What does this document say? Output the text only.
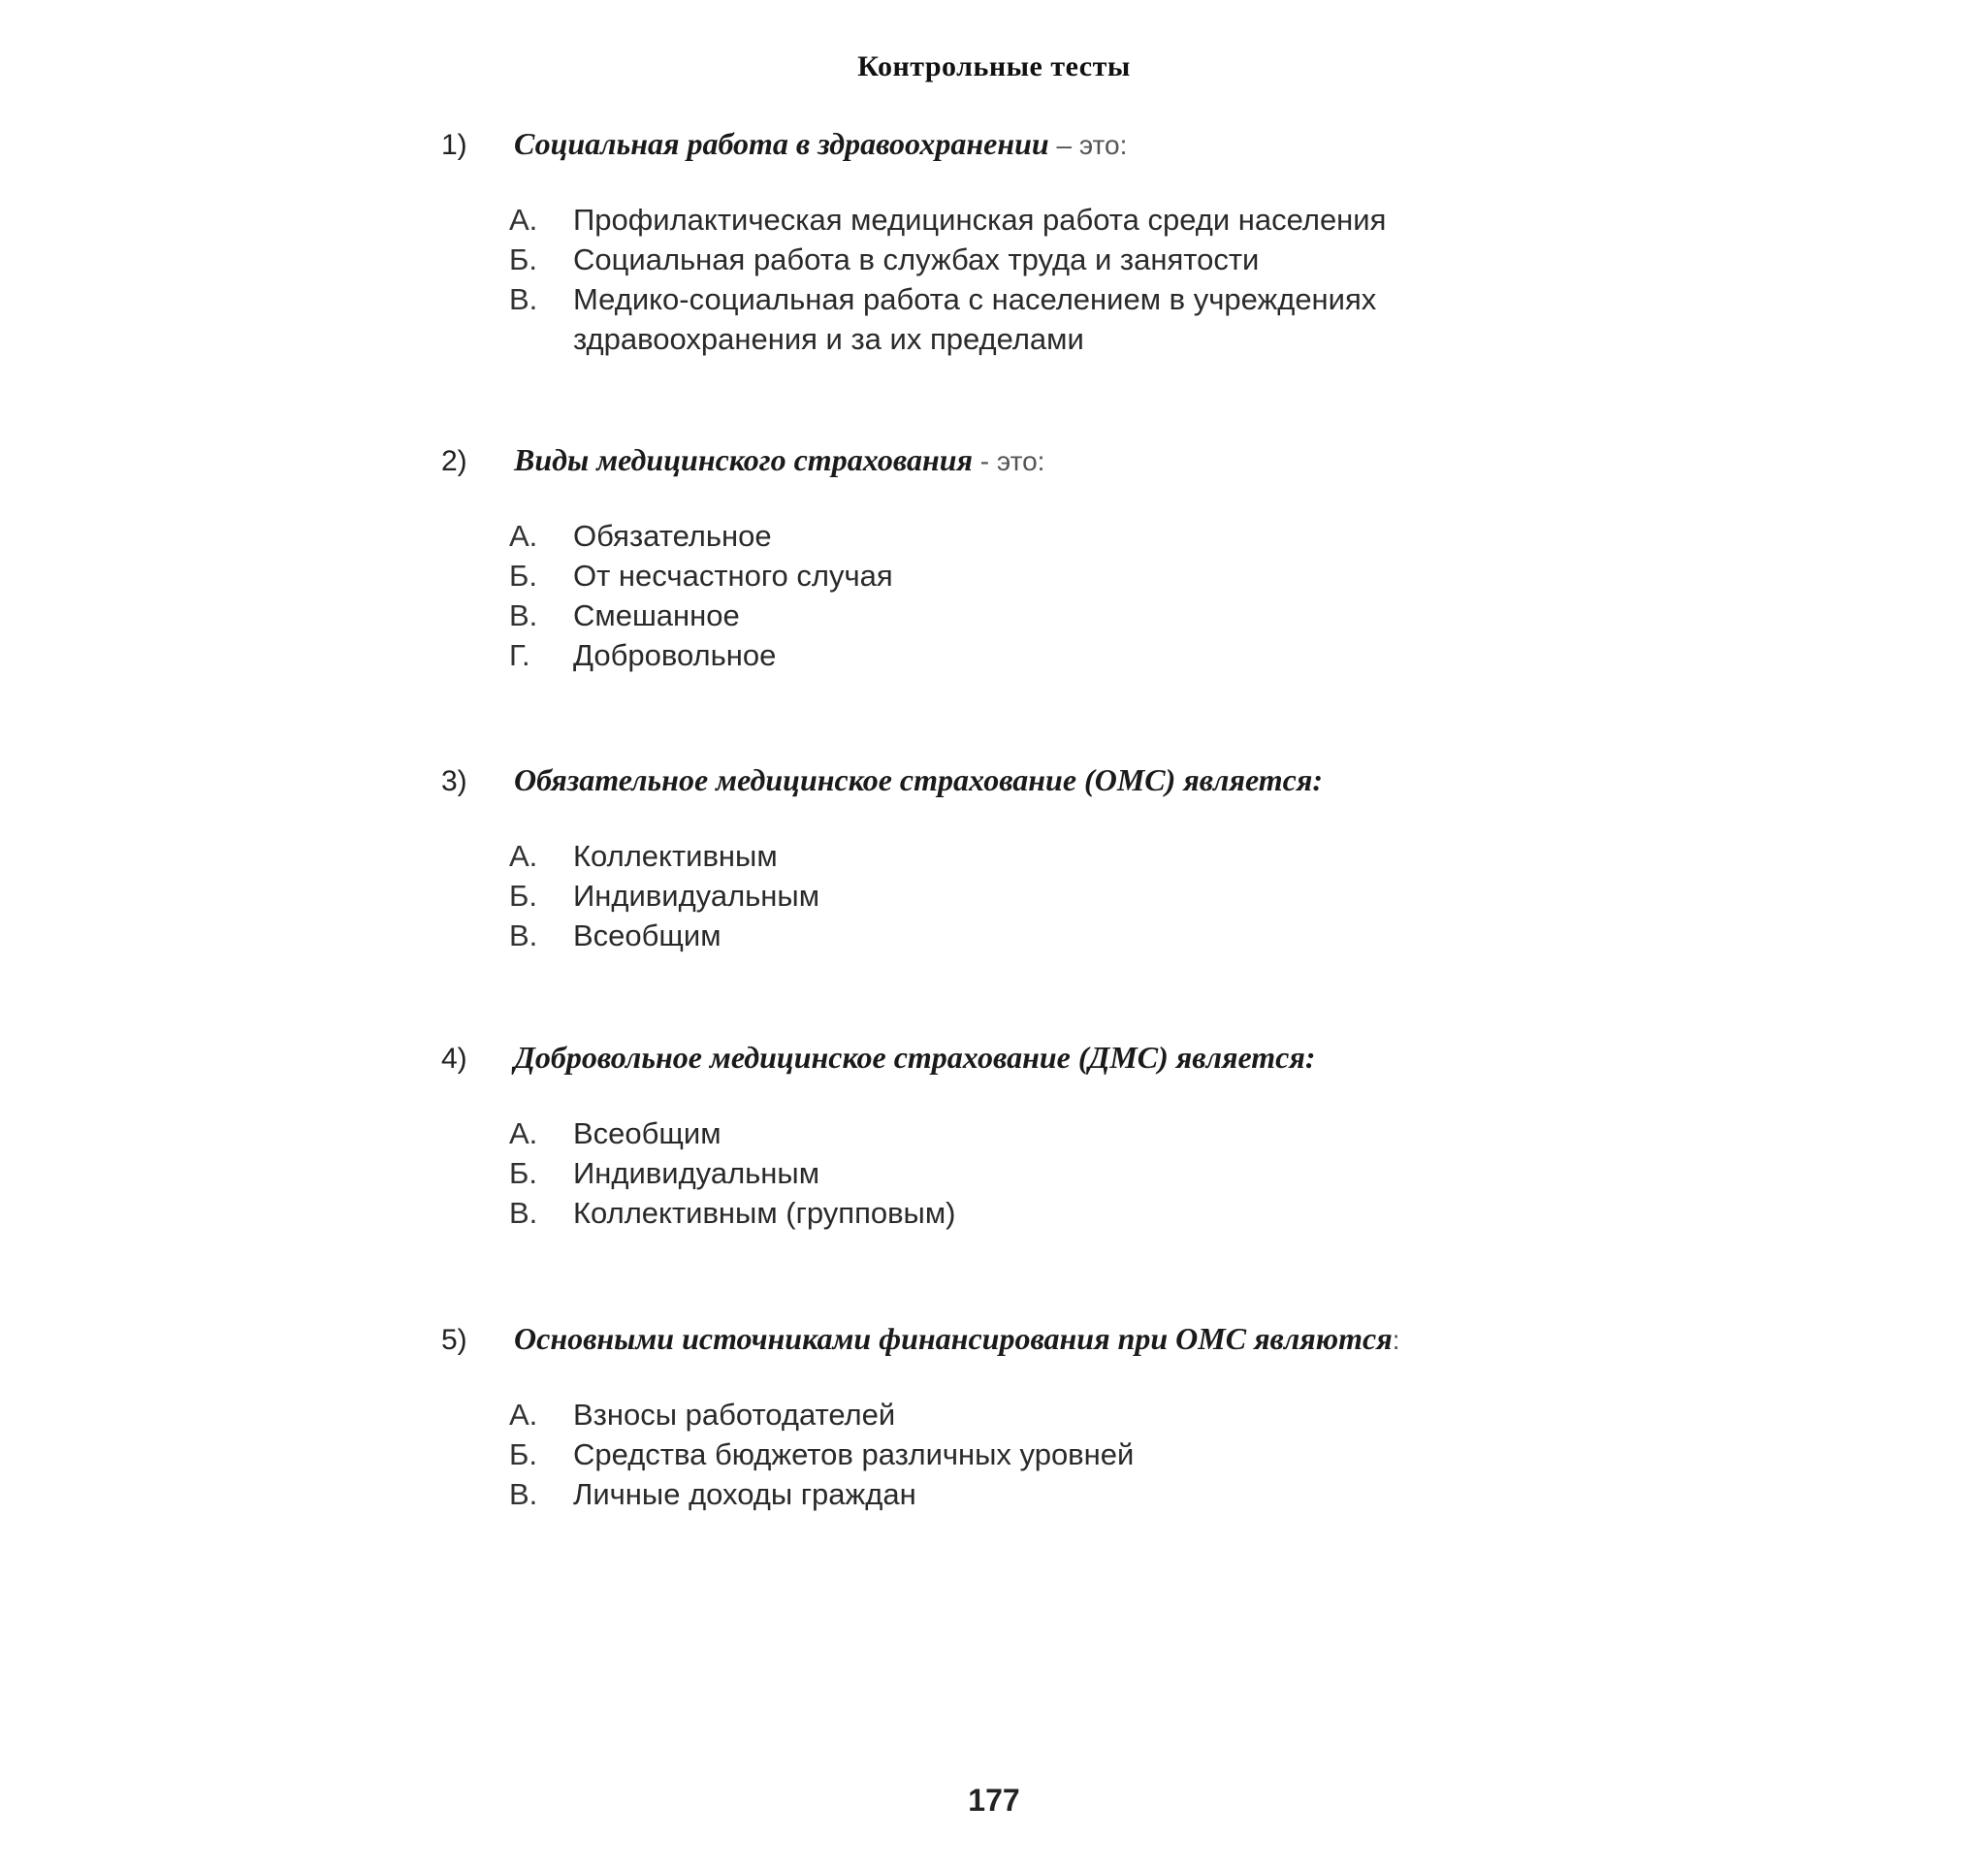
Контрольные тесты
1)	Социальная работа в здравоохранении – это:
А.	Профилактическая медицинская работа среди населения
Б.	Социальная работа в службах труда и занятости
В.	Медико-социальная работа с населением в учреждениях здравоохранения и за их пределами
2)	Виды медицинского страхования - это:
А.	Обязательное
Б.	От несчастного случая
В.	Смешанное
Г.	Добровольное
3)	Обязательное медицинское страхование (ОМС) является:
А.	Коллективным
Б.	Индивидуальным
В.	Всеобщим
4)	Добровольное медицинское страхование (ДМС) является:
А.	Всеобщим
Б.	Индивидуальным
В.	Коллективным (групповым)
5)	Основными источниками финансирования при ОМС являются:
А.	Взносы работодателей
Б.	Средства бюджетов различных уровней
В.	Личные доходы граждан
177
